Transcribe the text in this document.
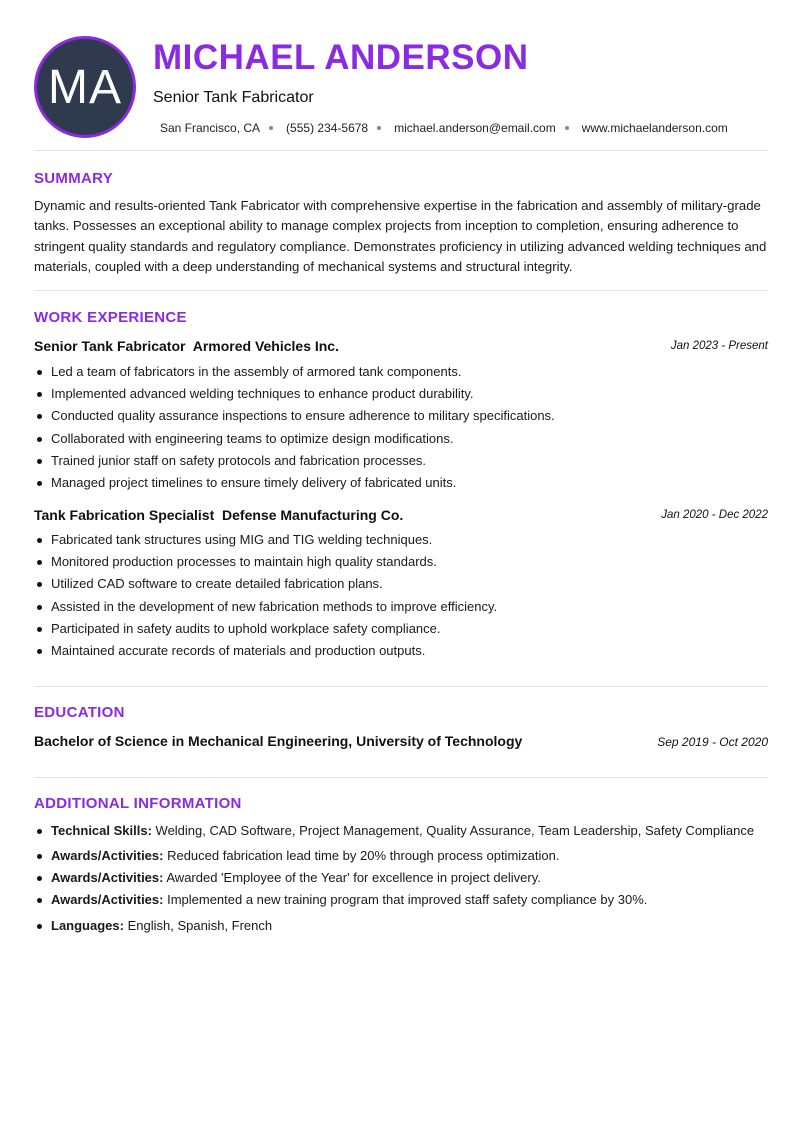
MA
MICHAEL ANDERSON
Senior Tank Fabricator
San Francisco, CA (555) 234-5678 michael.anderson@email.com www.michaelanderson.com
SUMMARY
Dynamic and results-oriented Tank Fabricator with comprehensive expertise in the fabrication and assembly of military-grade tanks. Possesses an exceptional ability to manage complex projects from inception to completion, ensuring adherence to stringent quality standards and regulatory compliance. Demonstrates proficiency in utilizing advanced welding techniques and materials, coupled with a deep understanding of mechanical systems and structural integrity.
WORK EXPERIENCE
Senior Tank Fabricator  Armored Vehicles Inc.	Jan 2023 - Present
Led a team of fabricators in the assembly of armored tank components.
Implemented advanced welding techniques to enhance product durability.
Conducted quality assurance inspections to ensure adherence to military specifications.
Collaborated with engineering teams to optimize design modifications.
Trained junior staff on safety protocols and fabrication processes.
Managed project timelines to ensure timely delivery of fabricated units.
Tank Fabrication Specialist  Defense Manufacturing Co.	Jan 2020 - Dec 2022
Fabricated tank structures using MIG and TIG welding techniques.
Monitored production processes to maintain high quality standards.
Utilized CAD software to create detailed fabrication plans.
Assisted in the development of new fabrication methods to improve efficiency.
Participated in safety audits to uphold workplace safety compliance.
Maintained accurate records of materials and production outputs.
EDUCATION
Bachelor of Science in Mechanical Engineering, University of Technology	Sep 2019 - Oct 2020
ADDITIONAL INFORMATION
Technical Skills: Welding, CAD Software, Project Management, Quality Assurance, Team Leadership, Safety Compliance
Awards/Activities: Reduced fabrication lead time by 20% through process optimization.
Awards/Activities: Awarded 'Employee of the Year' for excellence in project delivery.
Awards/Activities: Implemented a new training program that improved staff safety compliance by 30%.
Languages: English, Spanish, French
